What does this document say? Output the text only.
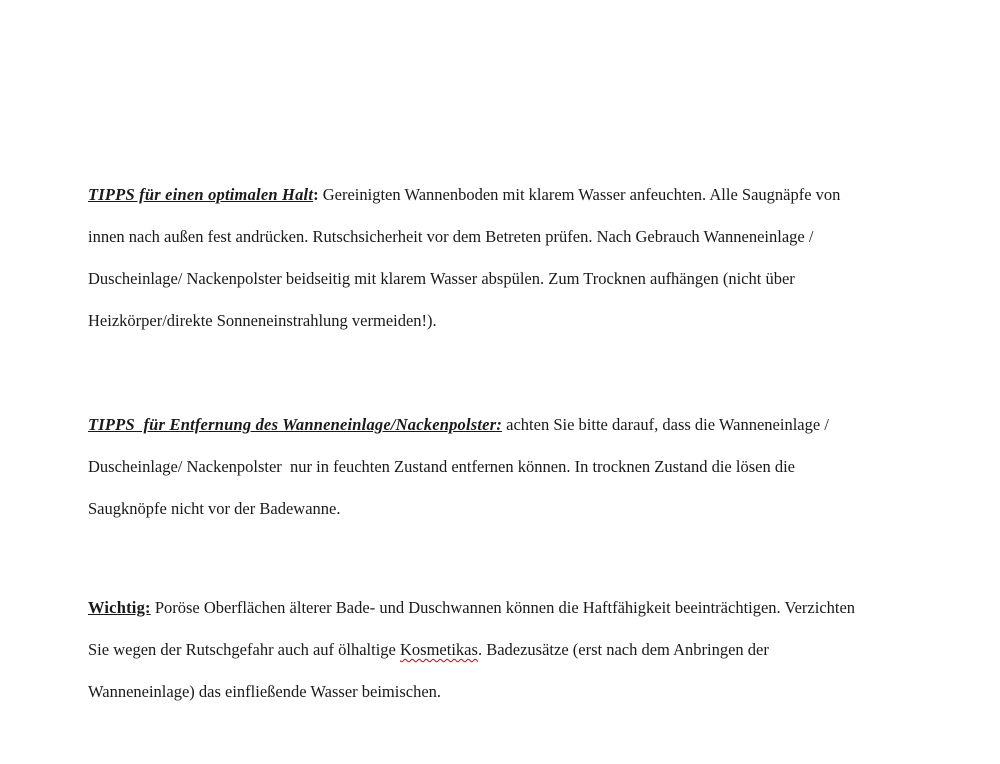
TIPPS für einen optimalen Halt: Gereinigten Wannenboden mit klarem Wasser anfeuchten. Alle Saugnäpfe von

innen nach außen fest andrücken. Rutschsicherheit vor dem Betreten prüfen. Nach Gebrauch Wanneneinlage /

Duscheinlage/ Nackenpolster beidseitig mit klarem Wasser abspülen. Zum Trocknen aufhängen (nicht über

Heizkörper/direkte Sonneneinstrahlung vermeiden!).

TIPPS  für Entfernung des Wanneneinlage/Nackenpolster: achten Sie bitte darauf, dass die Wanneneinlage /

Duscheinlage/ Nackenpolster  nur in feuchten Zustand entfernen können. In trocknen Zustand die lösen die

Saugknöpfe nicht vor der Badewanne.

Wichtig: Poröse Oberflächen älterer Bade- und Duschwannen können die Haftfähigkeit beeinträchtigen. Verzichten

Sie wegen der Rutschgefahr auch auf ölhaltige Kosmetikas. Badezusätze (erst nach dem Anbringen der

Wanneneinlage) das einfließende Wasser beimischen.
